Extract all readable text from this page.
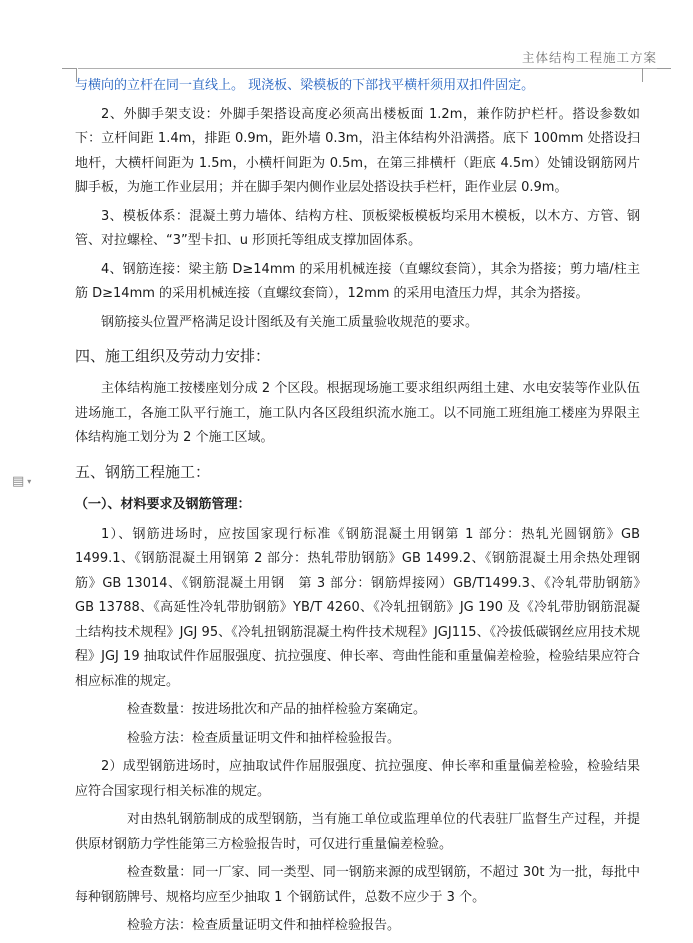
主体结构工程施工方案
▤ ▾

与横向的立杆在同一直线上。 现浇板、梁模板的下部找平横杆须用双扣件固定。

2、外脚手架支设：外脚手架搭设高度必须高出楼板面 1.2m，兼作防护栏杆。搭设参数如下：立杆间距 1.4m，排距 0.9m，距外墙 0.3m，沿主体结构外沿满搭。底下 100mm 处搭设扫地杆，大横杆间距为 1.5m，小横杆间距为 0.5m，在第三排横杆（距底 4.5m）处铺设钢筋网片脚手板，为施工作业层用；并在脚手架内侧作业层处搭设扶手栏杆，距作业层 0.9m。

3、模板体系：混凝土剪力墙体、结构方柱、顶板梁板模板均采用木模板，以木方、方管、钢管、对拉螺栓、“3”型卡扣、u 形顶托等组成支撑加固体系。

4、钢筋连接：梁主筋 D≥14mm 的采用机械连接（直螺纹套筒），其余为搭接；剪力墙/柱主筋 D≥14mm 的采用机械连接（直螺纹套筒），12mm 的采用电渣压力焊，其余为搭接。

钢筋接头位置严格满足设计图纸及有关施工质量验收规范的要求。

四、施工组织及劳动力安排：

主体结构施工按楼座划分成 2 个区段。根据现场施工要求组织两组土建、水电安装等作业队伍进场施工，各施工队平行施工，施工队内各区段组织流水施工。以不同施工班组施工楼座为界限主体结构施工划分为 2 个施工区域。

五、钢筋工程施工：
（一）、材料要求及钢筋管理：

1）、钢筋进场时，应按国家现行标准《钢筋混凝土用钢第 1 部分：热轧光圆钢筋》GB 1499.1、《钢筋混凝土用钢第 2 部分：热轧带肋钢筋》GB 1499.2、《钢筋混凝土用余热处理钢筋》GB 13014、《钢筋混凝土用钢　第 3 部分：钢筋焊接网）GB/T1499.3、《冷轧带肋钢筋》　GB 13788、《高延性冷轧带肋钢筋》YB/T 4260、《冷轧扭钢筋》JG 190 及《冷轧带肋钢筋混凝土结构技术规程》JGJ 95、《冷轧扭钢筋混凝土构件技术规程》JGJ115、《冷拔低碳钢丝应用技术规程》JGJ 19 抽取试件作屈服强度、抗拉强度、伸长率、弯曲性能和重量偏差检验，检验结果应符合相应标准的规定。

检查数量：按进场批次和产品的抽样检验方案确定。

检验方法：检查质量证明文件和抽样检验报告。

2）成型钢筋进场时，应抽取试件作屈服强度、抗拉强度、伸长率和重量偏差检验，检验结果应符合国家现行相关标准的规定。

对由热轧钢筋制成的成型钢筋，当有施工单位或监理单位的代表驻厂监督生产过程，并提供原材钢筋力学性能第三方检验报告时，可仅进行重量偏差检验。

检查数量：同一厂家、同一类型、同一钢筋来源的成型钢筋，不超过 30t 为一批，每批中每种钢筋牌号、规格均应至少抽取 1 个钢筋试件，总数不应少于 3 个。

检验方法：检查质量证明文件和抽样检验报告。
